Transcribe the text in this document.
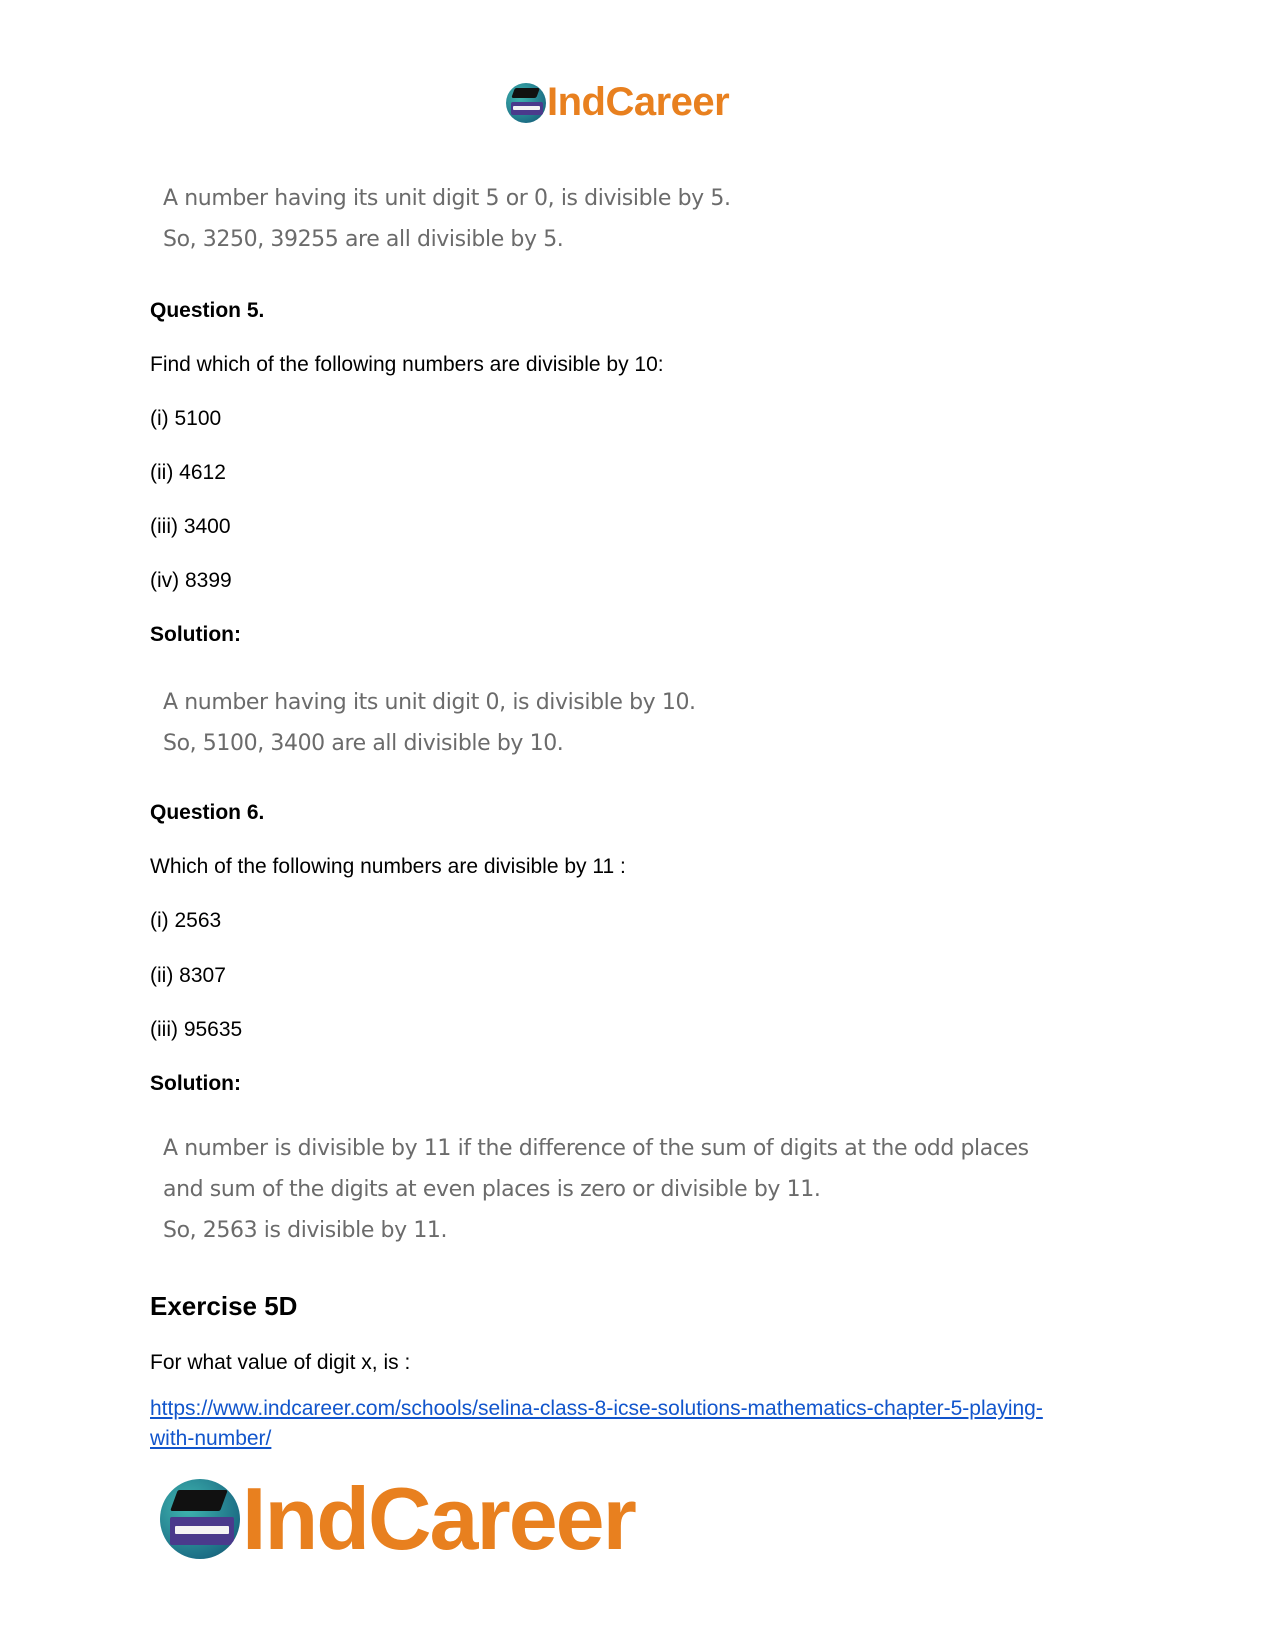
IndCareer
A number having its unit digit 5 or 0, is divisible by 5.
So, 3250, 39255 are all divisible by 5.
Question 5.
Find which of the following numbers are divisible by 10:
(i) 5100
(ii) 4612
(iii) 3400
(iv) 8399
Solution:
A number having its unit digit 0, is divisible by 10.
So, 5100, 3400 are all divisible by 10.
Question 6.
Which of the following numbers are divisible by 11 :
(i) 2563
(ii) 8307
(iii) 95635
Solution:
A number is divisible by 11 if the difference of the sum of digits at the odd places
and sum of the digits at even places is zero or divisible by 11.
So, 2563 is divisible by 11.
Exercise 5D
For what value of digit x, is :
https://www.indcareer.com/schools/selina-class-8-icse-solutions-mathematics-chapter-5-playing-
with-number/
IndCareer
